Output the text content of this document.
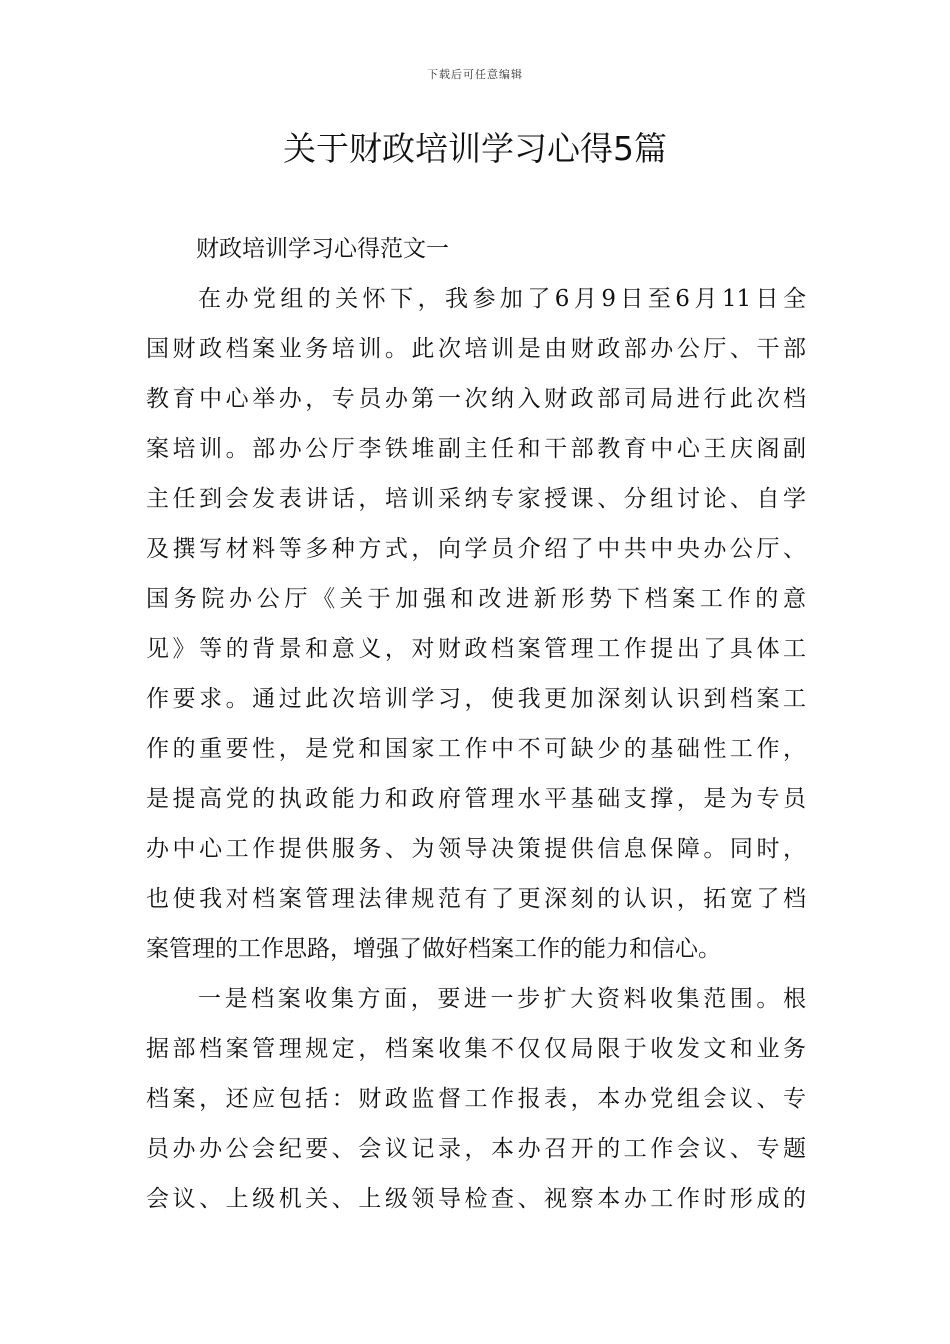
下载后可任意编辑
关于财政培训学习心得5篇

财政培训学习心得范文一

在办党组的关怀下，我参加了6月9日至6月11日全
国财政档案业务培训。此次培训是由财政部办公厅、干部
教育中心举办，专员办第一次纳入财政部司局进行此次档
案培训。部办公厅李铁堆副主任和干部教育中心王庆阁副
主任到会发表讲话，培训采纳专家授课、分组讨论、自学
及撰写材料等多种方式，向学员介绍了中共中央办公厅、
国务院办公厅《关于加强和改进新形势下档案工作的意
见》等的背景和意义，对财政档案管理工作提出了具体工
作要求。通过此次培训学习，使我更加深刻认识到档案工
作的重要性，是党和国家工作中不可缺少的基础性工作，
是提高党的执政能力和政府管理水平基础支撑，是为专员
办中心工作提供服务、为领导决策提供信息保障。同时，
也使我对档案管理法律规范有了更深刻的认识，拓宽了档
案管理的工作思路，增强了做好档案工作的能力和信心。

一是档案收集方面，要进一步扩大资料收集范围。根
据部档案管理规定，档案收集不仅仅局限于收发文和业务
档案，还应包括：财政监督工作报表，本办党组会议、专
员办办公会纪要、会议记录，本办召开的工作会议、专题
会议、上级机关、上级领导检查、视察本办工作时形成的
